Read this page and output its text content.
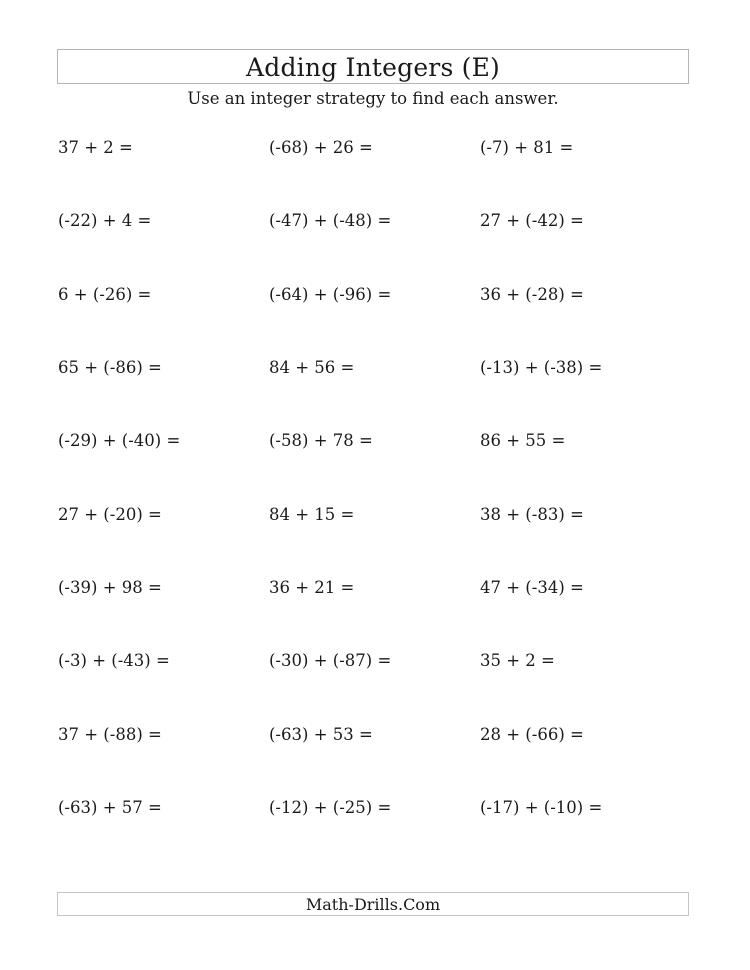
Adding Integers (E)
Use an integer strategy to find each answer.
37 + 2 =	(-68) + 26 =	(-7) + 81 =
(-22) + 4 =	(-47) + (-48) =	27 + (-42) =
6 + (-26) =	(-64) + (-96) =	36 + (-28) =
65 + (-86) =	84 + 56 =	(-13) + (-38) =
(-29) + (-40) =	(-58) + 78 =	86 + 55 =
27 + (-20) =	84 + 15 =	38 + (-83) =
(-39) + 98 =	36 + 21 =	47 + (-34) =
(-3) + (-43) =	(-30) + (-87) =	35 + 2 =
37 + (-88) =	(-63) + 53 =	28 + (-66) =
(-63) + 57 =	(-12) + (-25) =	(-17) + (-10) =
Math-Drills.Com
